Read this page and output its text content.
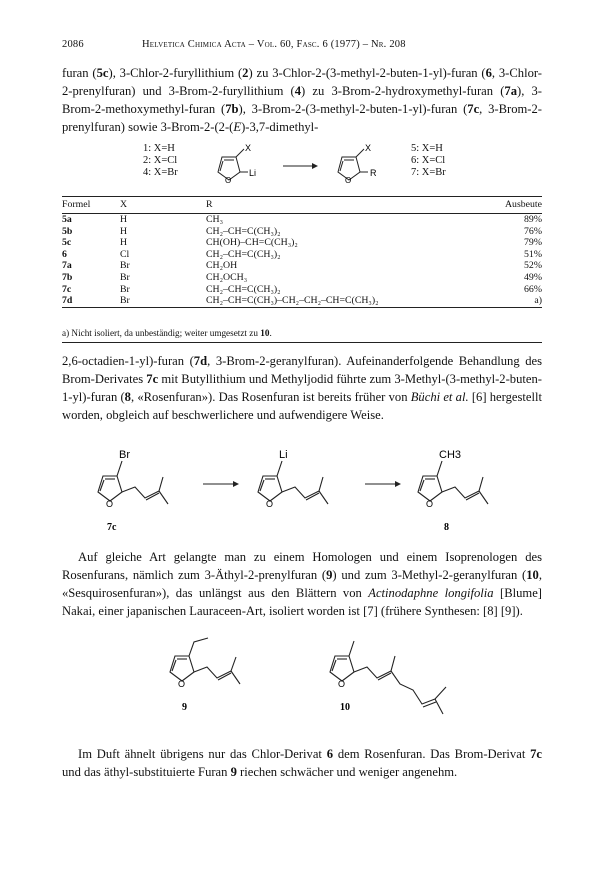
2086	Helvetica Chimica Acta – Vol. 60, Fasc. 6 (1977) – Nr. 208
furan (5c), 3-Chlor-2-furyllithium (2) zu 3-Chlor-2-(3-methyl-2-buten-1-yl)-furan (6, 3-Chlor-2-prenylfuran) und 3-Brom-2-furyllithium (4) zu 3-Brom-2-hydroxymethyl-furan (7a), 3-Brom-2-methoxymethyl-furan (7b), 3-Brom-2-(3-methyl-2-buten-1-yl)-furan (7c, 3-Brom-2-prenylfuran) sowie 3-Brom-2-(2-(E)-3,7-dimethyl-
1: X=H
2: X=Cl
4: X=Br
5: X=H
6: X=Cl
7: X=Br
X
Li
O
X
R
O
Formel	X	R	Ausbeute
5a	H	CH₃	89%
5b	H	CH₂–CH=C(CH₃)₂	76%
5c	H	CH(OH)–CH=C(CH₃)₂	79%
6	Cl	CH₂–CH=C(CH₃)₂	51%
7a	Br	CH₂OH	52%
7b	Br	CH₂OCH₃	49%
7c	Br	CH₂–CH=C(CH₃)₂	66%
7d	Br	CH₂–CH=C(CH₃)–CH₂–CH₂–CH=C(CH₃)₂	a)
a) Nicht isoliert, da unbeständig; weiter umgesetzt zu 10.
2,6-octadien-1-yl)-furan (7d, 3-Brom-2-geranylfuran). Aufeinanderfolgende Behandlung des Brom-Derivates 7c mit Butyllithium und Methyljodid führte zum 3-Methyl-(3-methyl-2-buten-1-yl)-furan (8, «Rosenfuran»). Das Rosenfuran ist bereits früher von Büchi et al. [6] hergestellt worden, obgleich auf beschwerlichere und aufwendigere Weise.
Br
O
7c
Li
O
CH3
O
8
Auf gleiche Art gelangte man zu einem Homologen und einem Isoprenologen des Rosenfurans, nämlich zum 3-Äthyl-2-prenylfuran (9) und zum 3-Methyl-2-geranylfuran (10, «Sesquirosenfuran»), das unlängst aus den Blättern von Actinodaphne longifolia [Blume] Nakai, einer japanischen Lauraceen-Art, isoliert worden ist [7] (frühere Synthesen: [8] [9]).
O
9
O
10
Im Duft ähnelt übrigens nur das Chlor-Derivat 6 dem Rosenfuran. Das Brom-Derivat 7c und das äthyl-substituierte Furan 9 riechen schwächer und weniger angenehm.
